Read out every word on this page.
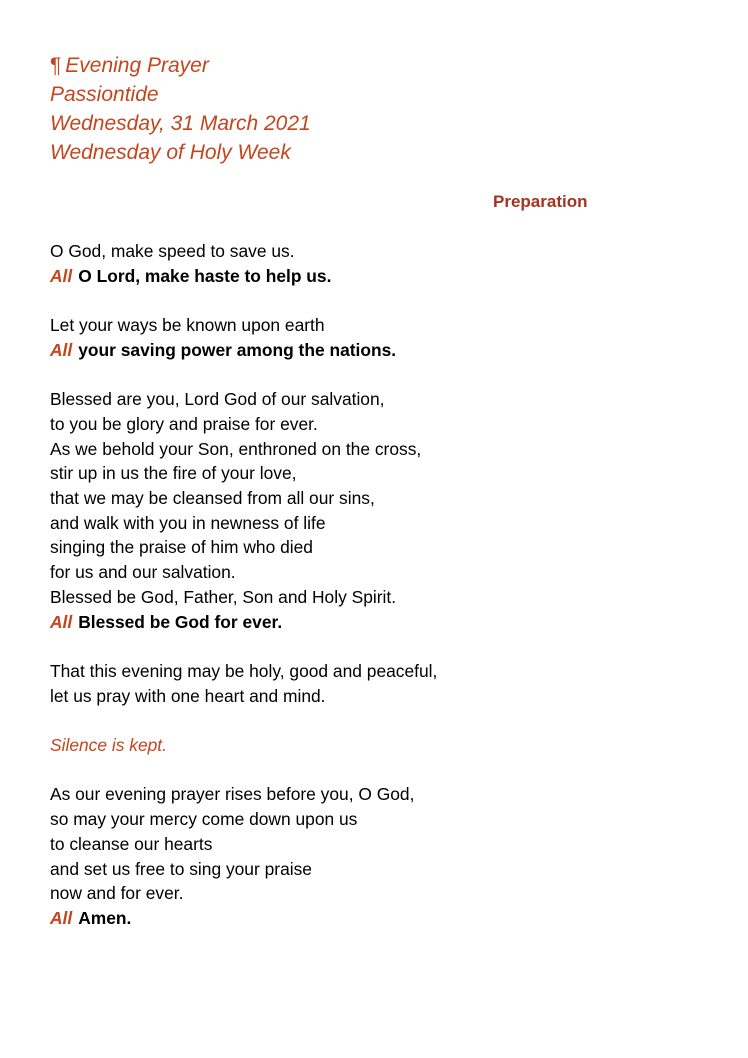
¶ Evening Prayer
Passiontide
Wednesday, 31 March 2021
Wednesday of Holy Week
Preparation
O God, make speed to save us.
All O Lord, make haste to help us.
Let your ways be known upon earth
All your saving power among the nations.
Blessed are you, Lord God of our salvation,
to you be glory and praise for ever.
As we behold your Son, enthroned on the cross,
stir up in us the fire of your love,
that we may be cleansed from all our sins,
and walk with you in newness of life
singing the praise of him who died
for us and our salvation.
Blessed be God, Father, Son and Holy Spirit.
All Blessed be God for ever.
That this evening may be holy, good and peaceful,
let us pray with one heart and mind.
Silence is kept.
As our evening prayer rises before you, O God,
so may your mercy come down upon us
to cleanse our hearts
and set us free to sing your praise
now and for ever.
All Amen.
